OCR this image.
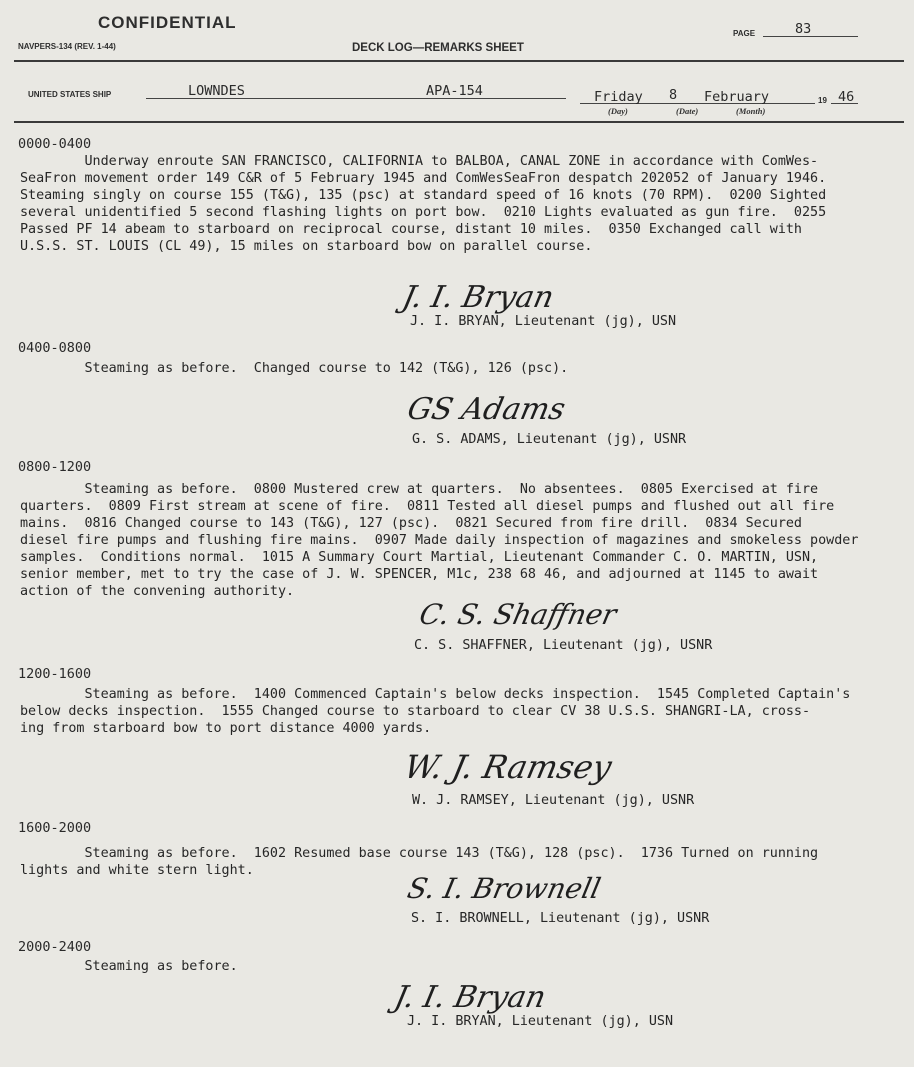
CONFIDENTIAL
NAVPERS-134 (REV. 1-44)	DECK LOG—REMARKS SHEET
PAGE	83
UNITED STATES SHIP	LOWNDES	APA-154	Friday 8 February	19 46
(Day)	(Date)	(Month)
0000-0400
Underway enroute SAN FRANCISCO, CALIFORNIA to BALBOA, CANAL ZONE in accordance with ComWes-
SeaFron movement order 149 C&R of 5 February 1945 and ComWesSeaFron despatch 202052 of January 1946.
Steaming singly on course 155 (T&G), 135 (psc) at standard speed of 16 knots (70 RPM).  0200 Sighted
several unidentified 5 second flashing lights on port bow.  0210 Lights evaluated as gun fire.  0255
Passed PF 14 abeam to starboard on reciprocal course, distant 10 miles.  0350 Exchanged call with
U.S.S. ST. LOUIS (CL 49), 15 miles on starboard bow on parallel course.
J. I. Bryan
J. I. BRYAN, Lieutenant (jg), USN
0400-0800
Steaming as before.  Changed course to 142 (T&G), 126 (psc).
GS Adams
G. S. ADAMS, Lieutenant (jg), USNR
0800-1200
Steaming as before.  0800 Mustered crew at quarters.  No absentees.  0805 Exercised at fire
quarters.  0809 First stream at scene of fire.  0811 Tested all diesel pumps and flushed out all fire
mains.  0816 Changed course to 143 (T&G), 127 (psc).  0821 Secured from fire drill.  0834 Secured
diesel fire pumps and flushing fire mains.  0907 Made daily inspection of magazines and smokeless powder
samples.  Conditions normal.  1015 A Summary Court Martial, Lieutenant Commander C. O. MARTIN, USN,
senior member, met to try the case of J. W. SPENCER, M1c, 238 68 46, and adjourned at 1145 to await
action of the convening authority.
C. S. Shaffner
C. S. SHAFFNER, Lieutenant (jg), USNR
1200-1600
Steaming as before.  1400 Commenced Captain's below decks inspection.  1545 Completed Captain's
below decks inspection.  1555 Changed course to starboard to clear CV 38 U.S.S. SHANGRI-LA, cross-
ing from starboard bow to port distance 4000 yards.
W. J. Ramsey
W. J. RAMSEY, Lieutenant (jg), USNR
1600-2000
Steaming as before.  1602 Resumed base course 143 (T&G), 128 (psc).  1736 Turned on running
lights and white stern light.
S. I. Brownell
S. I. BROWNELL, Lieutenant (jg), USNR
2000-2400
Steaming as before.
J. I. Bryan
J. I. BRYAN, Lieutenant (jg), USN
